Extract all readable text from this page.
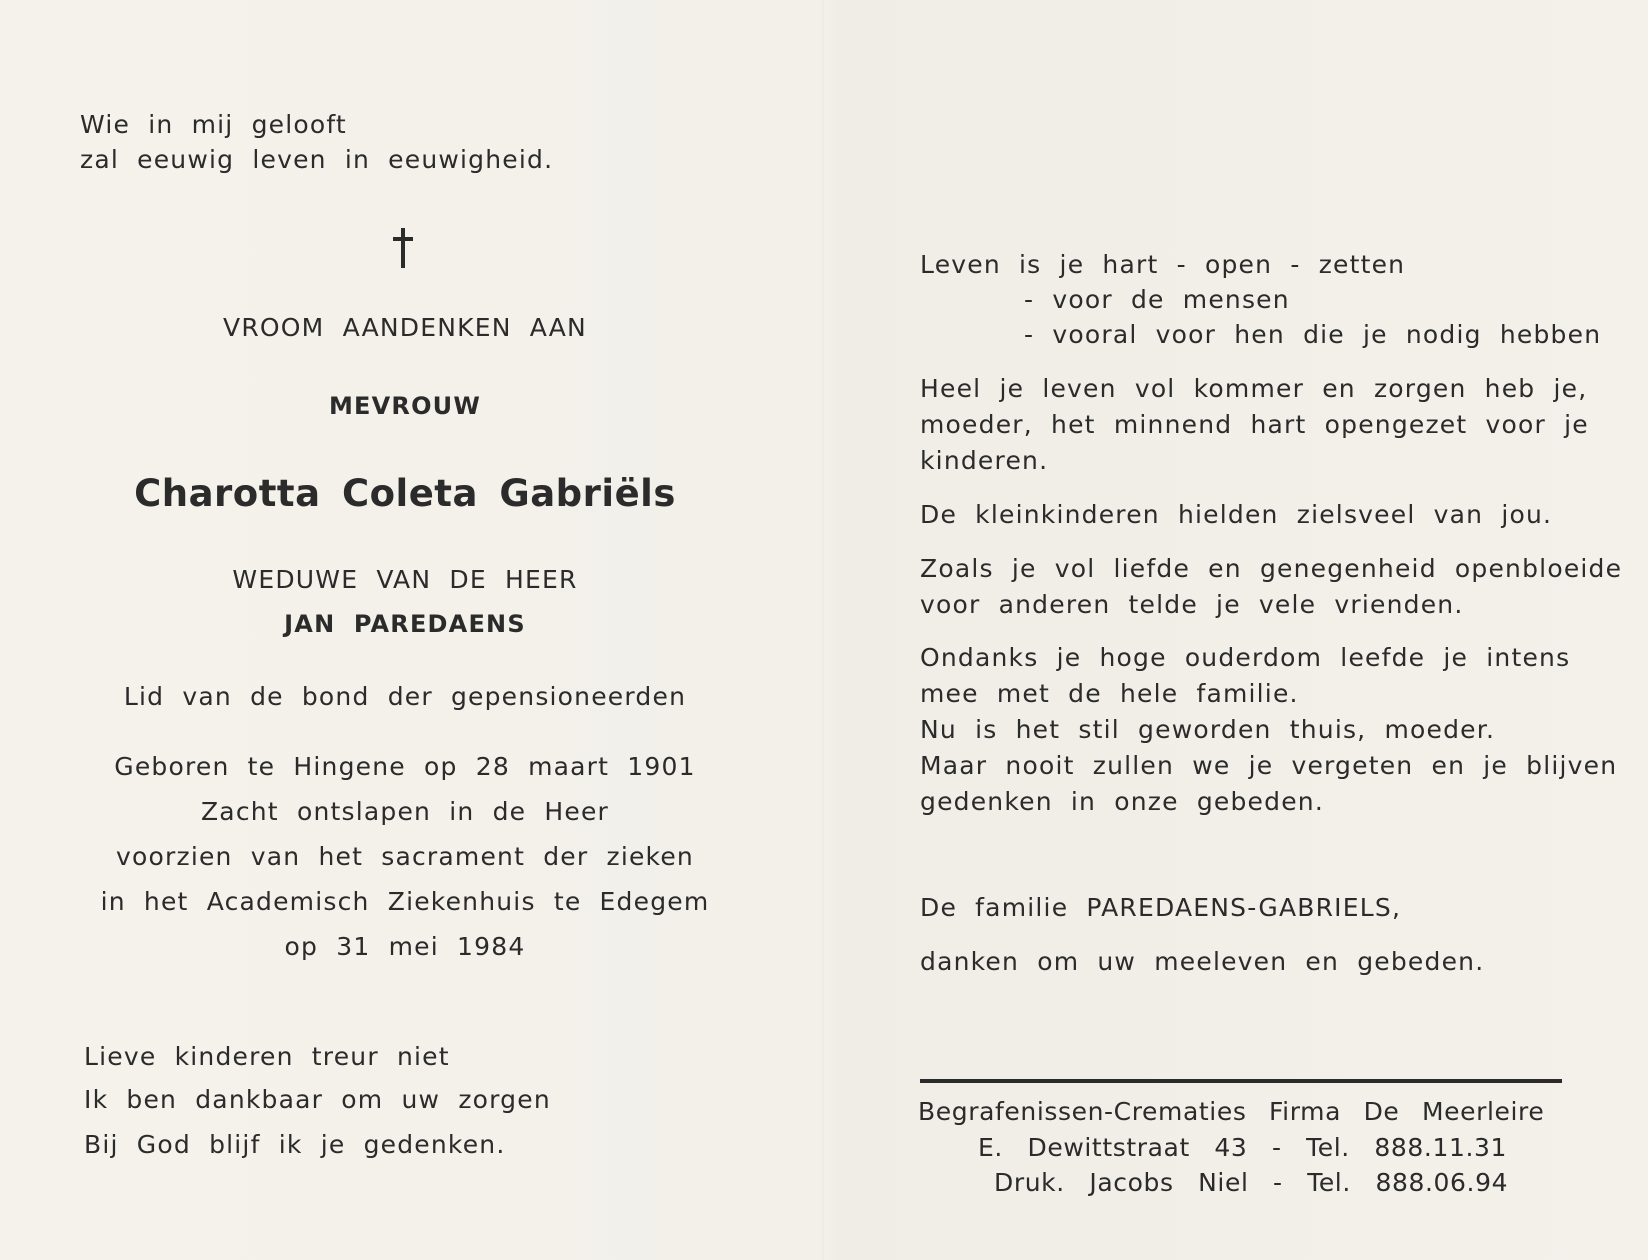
Wie in mij gelooft
zal eeuwig leven in eeuwigheid.
VROOM AANDENKEN AAN
MEVROUW
Charotta Coleta Gabriëls
WEDUWE VAN DE HEER
JAN PAREDAENS
Lid van de bond der gepensioneerden
Geboren te Hingene op 28 maart 1901
Zacht ontslapen in de Heer
voorzien van het sacrament der zieken
in het Academisch Ziekenhuis te Edegem
op 31 mei 1984
Lieve kinderen treur niet
Ik ben dankbaar om uw zorgen
Bij God blijf ik je gedenken.
Leven is je hart - open - zetten
- voor de mensen
- vooral voor hen die je nodig hebben
Heel je leven vol kommer en zorgen heb je,
moeder, het minnend hart opengezet voor je
kinderen.
De kleinkinderen hielden zielsveel van jou.
Zoals je vol liefde en genegenheid openbloeide
voor anderen telde je vele vrienden.
Ondanks je hoge ouderdom leefde je intens
mee met de hele familie.
Nu is het stil geworden thuis, moeder.
Maar nooit zullen we je vergeten en je blijven
gedenken in onze gebeden.
De familie PAREDAENS-GABRIELS,
danken om uw meeleven en gebeden.
Begrafenissen-Crematies Firma De Meerleire
E. Dewittstraat 43 - Tel. 888.11.31
Druk. Jacobs Niel - Tel. 888.06.94
